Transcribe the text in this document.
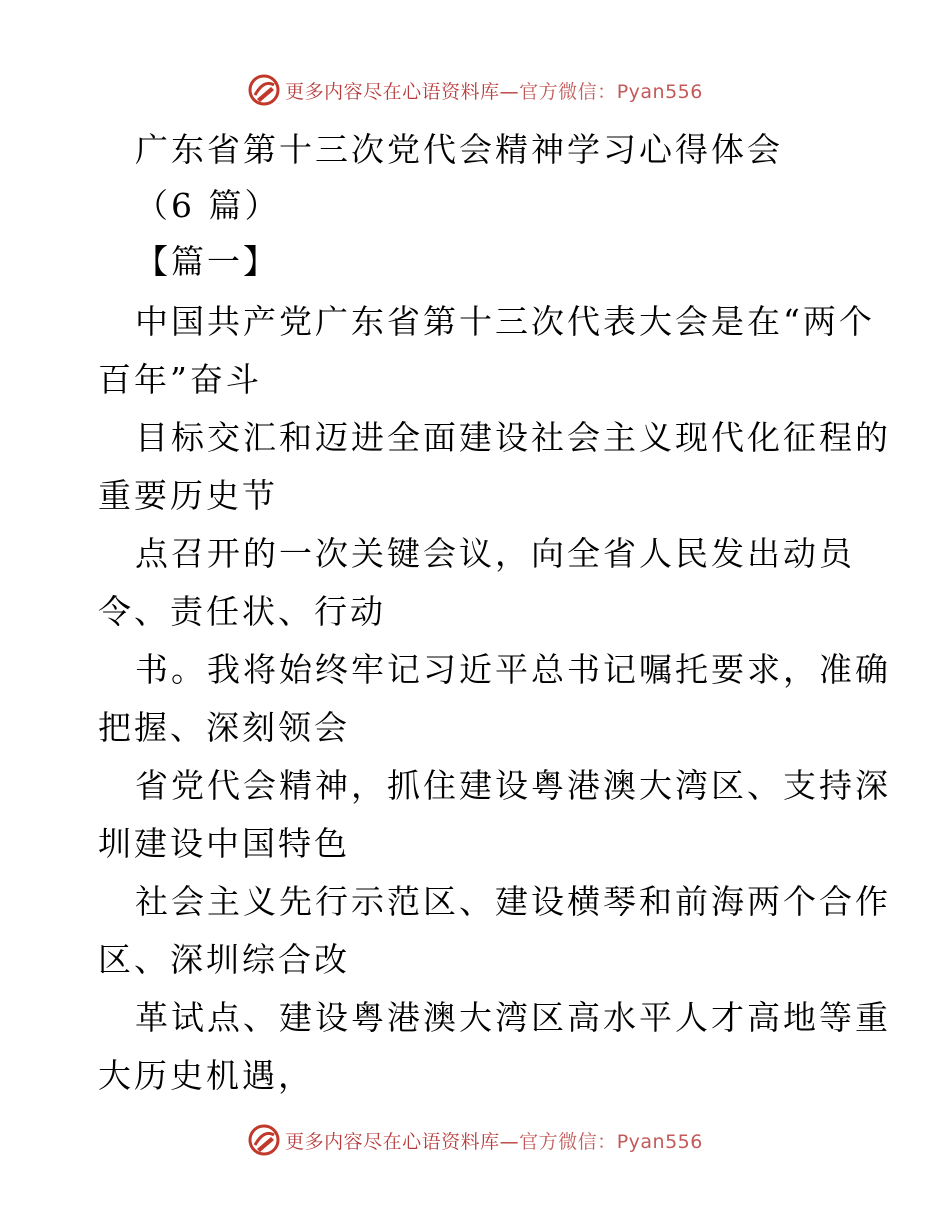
更多内容尽在心语资料库—官方微信：Pyan556
广东省第十三次党代会精神学习心得体会
（6 篇）
【篇一】
中国共产党广东省第十三次代表大会是在“两个
百年”奋斗
目标交汇和迈进全面建设社会主义现代化征程的
重要历史节
点召开的一次关键会议，向全省人民发出动员
令、责任状、行动
书。我将始终牢记习近平总书记嘱托要求，准确
把握、深刻领会
省党代会精神，抓住建设粤港澳大湾区、支持深
圳建设中国特色
社会主义先行示范区、建设横琴和前海两个合作
区、深圳综合改
革试点、建设粤港澳大湾区高水平人才高地等重
大历史机遇，
更多内容尽在心语资料库—官方微信：Pyan556
